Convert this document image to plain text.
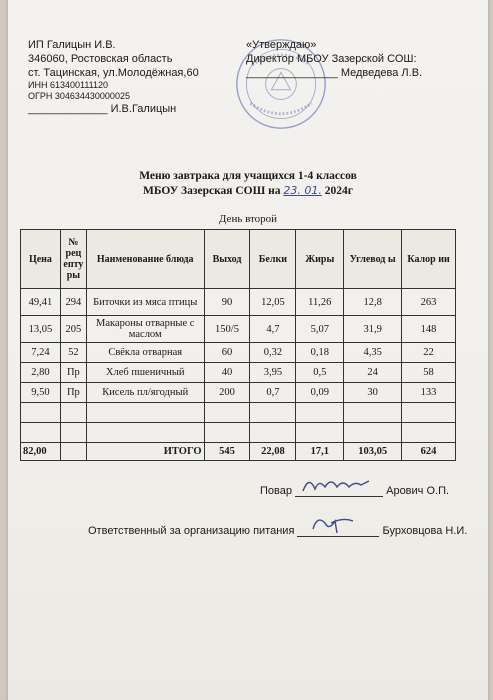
ИП Галицын И.В.
346060, Ростовская область
ст. Тацинская, ул.Молодёжная,60
ИНН 613400111120
ОГРН 304634430000025
_____________ И.В.Галицын
«Утверждаю»
Директор МБОУ Зазерской СОШ:
_______________ Медведева Л.В.
Меню завтрака для учащихся 1-4 классов
МБОУ Зазерская СОШ на 23. 01. 2024г
День второй
Цена	№ рец епту ры	Наименование блюда	Выход	Белки	Жиры	Углевод ы	Калор ии
49,41	294	Биточки из мяса птицы	90	12,05	11,26	12,8	263
13,05	205	Макароны отварные с маслом	150/5	4,7	5,07	31,9	148
7,24	52	Свёкла отварная	60	0,32	0,18	4,35	22
2,80	Пр	Хлеб пшеничный	40	3,95	0,5	24	58
9,50	Пр	Кисель пл/ягодный	200	0,7	0,09	30	133

82,00		ИТОГО	545	22,08	17,1	103,05	624
Повар	Арович О.П.
Ответственный за организацию питания	Бурховцова Н.И.
